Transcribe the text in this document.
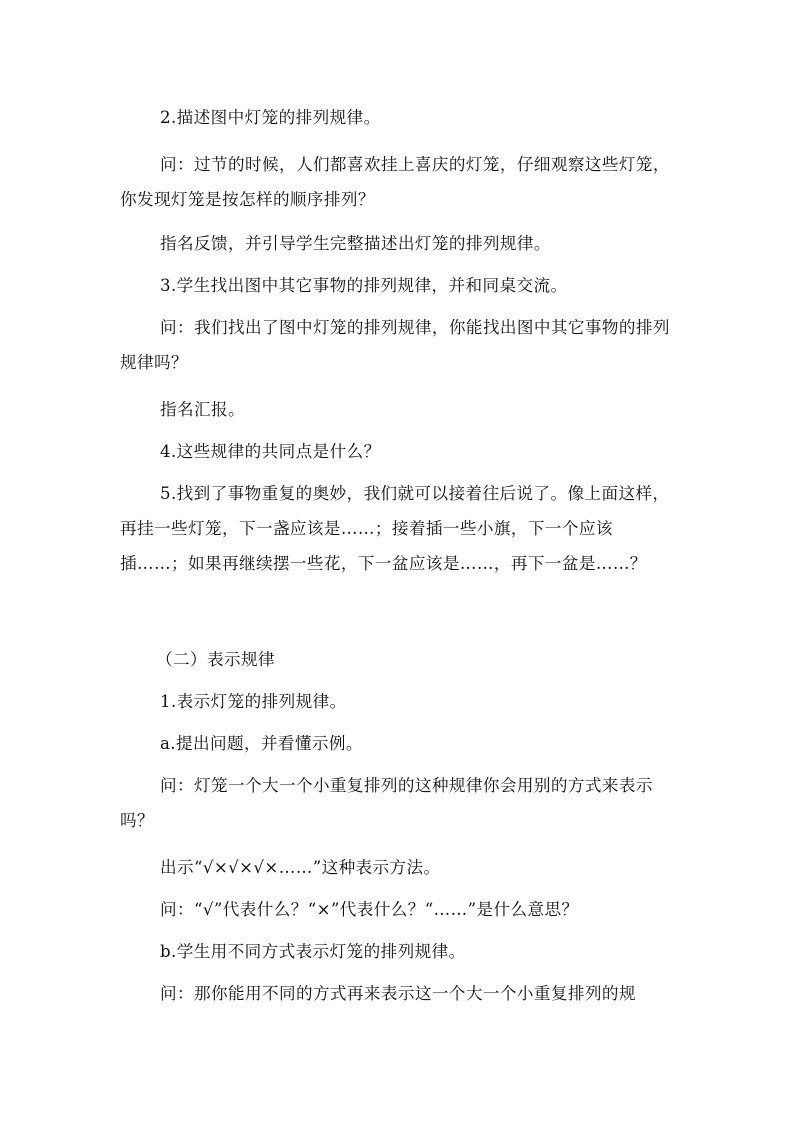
2.描述图中灯笼的排列规律。

问：过节的时候，人们都喜欢挂上喜庆的灯笼，仔细观察这些灯笼，你发现灯笼是按怎样的顺序排列？

指名反馈，并引导学生完整描述出灯笼的排列规律。

3.学生找出图中其它事物的排列规律，并和同桌交流。

问：我们找出了图中灯笼的排列规律，你能找出图中其它事物的排列规律吗？

指名汇报。

4.这些规律的共同点是什么？

5.找到了事物重复的奥妙，我们就可以接着往后说了。像上面这样，再挂一些灯笼，下一盏应该是……；接着插一些小旗，下一个应该插……；如果再继续摆一些花，下一盆应该是……，再下一盆是……？

（二）表示规律

1.表示灯笼的排列规律。

a.提出问题，并看懂示例。

问：灯笼一个大一个小重复排列的这种规律你会用别的方式来表示吗？

出示“√×√×√×……”这种表示方法。

问：“√”代表什么？“×”代表什么？“……”是什么意思？

b.学生用不同方式表示灯笼的排列规律。

问：那你能用不同的方式再来表示这一个大一个小重复排列的规
